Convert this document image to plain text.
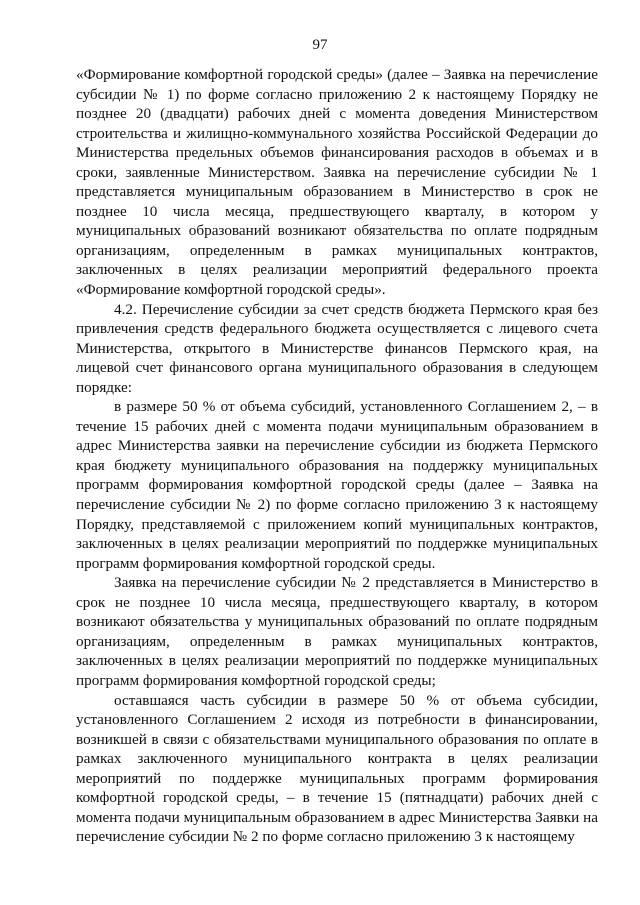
97

«Формирование комфортной городской среды» (далее – Заявка на перечисление субсидии № 1) по форме согласно приложению 2 к настоящему Порядку не позднее 20 (двадцати) рабочих дней с момента доведения Министерством строительства и жилищно-коммунального хозяйства Российской Федерации до Министерства предельных объемов финансирования расходов в объемах и в сроки, заявленные Министерством. Заявка на перечисление субсидии № 1 представляется муниципальным образованием в Министерство в срок не позднее 10 числа месяца, предшествующего кварталу, в котором у муниципальных образований возникают обязательства по оплате подрядным организациям, определенным в рамках муниципальных контрактов, заключенных в целях реализации мероприятий федерального проекта «Формирование комфортной городской среды».

4.2. Перечисление субсидии за счет средств бюджета Пермского края без привлечения средств федерального бюджета осуществляется с лицевого счета Министерства, открытого в Министерстве финансов Пермского края, на лицевой счет финансового органа муниципального образования в следующем порядке:

в размере 50 % от объема субсидий, установленного Соглашением 2, – в течение 15 рабочих дней с момента подачи муниципальным образованием в адрес Министерства заявки на перечисление субсидии из бюджета Пермского края бюджету муниципального образования на поддержку муниципальных программ формирования комфортной городской среды (далее – Заявка на перечисление субсидии № 2) по форме согласно приложению 3 к настоящему Порядку, представляемой с приложением копий муниципальных контрактов, заключенных в целях реализации мероприятий по поддержке муниципальных программ формирования комфортной городской среды.

Заявка на перечисление субсидии № 2 представляется в Министерство в срок не позднее 10 числа месяца, предшествующего кварталу, в котором возникают обязательства у муниципальных образований по оплате подрядным организациям, определенным в рамках муниципальных контрактов, заключенных в целях реализации мероприятий по поддержке муниципальных программ формирования комфортной городской среды;

оставшаяся часть субсидии в размере 50 % от объема субсидии, установленного Соглашением 2 исходя из потребности в финансировании, возникшей в связи с обязательствами муниципального образования по оплате в рамках заключенного муниципального контракта в целях реализации мероприятий по поддержке муниципальных программ формирования комфортной городской среды, – в течение 15 (пятнадцати) рабочих дней с момента подачи муниципальным образованием в адрес Министерства Заявки на перечисление субсидии № 2 по форме согласно приложению 3 к настоящему
